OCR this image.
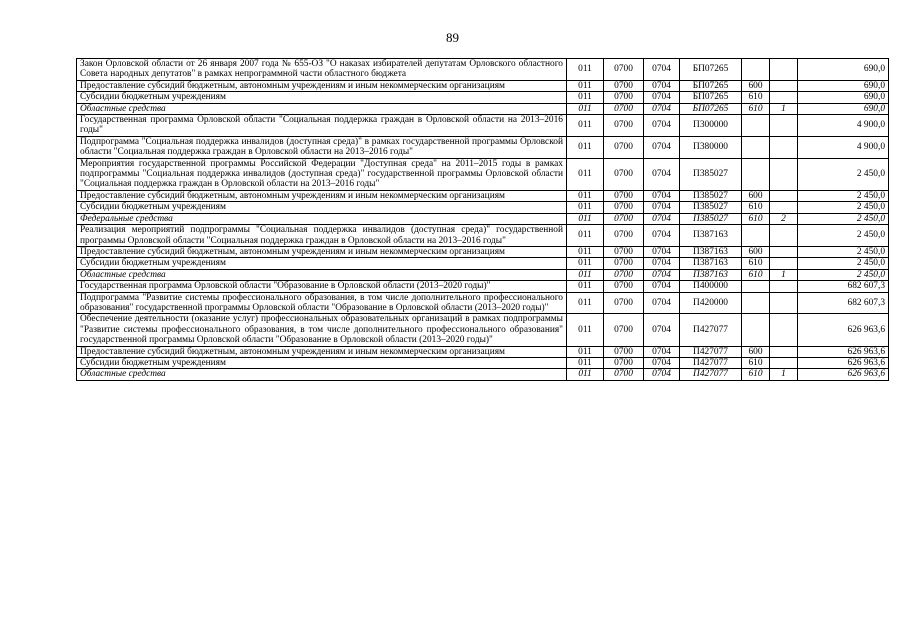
89
Закон Орловской области от 26 января 2007 года № 655-ОЗ "О наказах избирателей депутатам Орловского областного Совета народных депутатов" в рамках непрограммной части областного бюджета	011	0700	0704	БП07265			690,0
Предоставление субсидий бюджетным, автономным учреждениям и иным некоммерческим организациям	011	0700	0704	БП07265	600		690,0
Субсидии бюджетным учреждениям	011	0700	0704	БП07265	610		690,0
Областные средства	011	0700	0704	БП07265	610	1	690,0
Государственная программа Орловской области "Социальная поддержка граждан в Орловской области на 2013–2016 годы"	011	0700	0704	П300000			4 900,0
Подпрограмма "Социальная поддержка инвалидов (доступная среда)" в рамках государственной программы Орловской области "Социальная поддержка граждан в Орловской области на 2013–2016 годы"	011	0700	0704	П380000			4 900,0
Мероприятия государственной программы Российской Федерации "Доступная среда" на 2011–2015 годы в рамках подпрограммы "Социальная поддержка инвалидов (доступная среда)" государственной программы Орловской области "Социальная поддержка граждан в Орловской области на 2013–2016 годы"	011	0700	0704	П385027			2 450,0
Предоставление субсидий бюджетным, автономным учреждениям и иным некоммерческим организациям	011	0700	0704	П385027	600		2 450,0
Субсидии бюджетным учреждениям	011	0700	0704	П385027	610		2 450,0
Федеральные средства	011	0700	0704	П385027	610	2	2 450,0
Реализация мероприятий подпрограммы "Социальная поддержка инвалидов (доступная среда)" государственной программы Орловской области "Социальная поддержка граждан в Орловской области на 2013–2016 годы"	011	0700	0704	П387163			2 450,0
Предоставление субсидий бюджетным, автономным учреждениям и иным некоммерческим организациям	011	0700	0704	П387163	600		2 450,0
Субсидии бюджетным учреждениям	011	0700	0704	П387163	610		2 450,0
Областные средства	011	0700	0704	П387163	610	1	2 450,0
Государственная программа Орловской области "Образование в Орловской области (2013–2020 годы)"	011	0700	0704	П400000			682 607,3
Подпрограмма "Развитие системы профессионального образования, в том числе дополнительного профессионального образования" государственной программы Орловской области "Образование в Орловской области (2013–2020 годы)"	011	0700	0704	П420000			682 607,3
Обеспечение деятельности (оказание услуг) профессиональных образовательных организаций в рамках подпрограммы "Развитие системы профессионального образования, в том числе дополнительного профессионального образования" государственной программы Орловской области "Образование в Орловской области (2013–2020 годы)"	011	0700	0704	П427077			626 963,6
Предоставление субсидий бюджетным, автономным учреждениям и иным некоммерческим организациям	011	0700	0704	П427077	600		626 963,6
Субсидии бюджетным учреждениям	011	0700	0704	П427077	610		626 963,6
Областные средства	011	0700	0704	П427077	610	1	626 963,6
